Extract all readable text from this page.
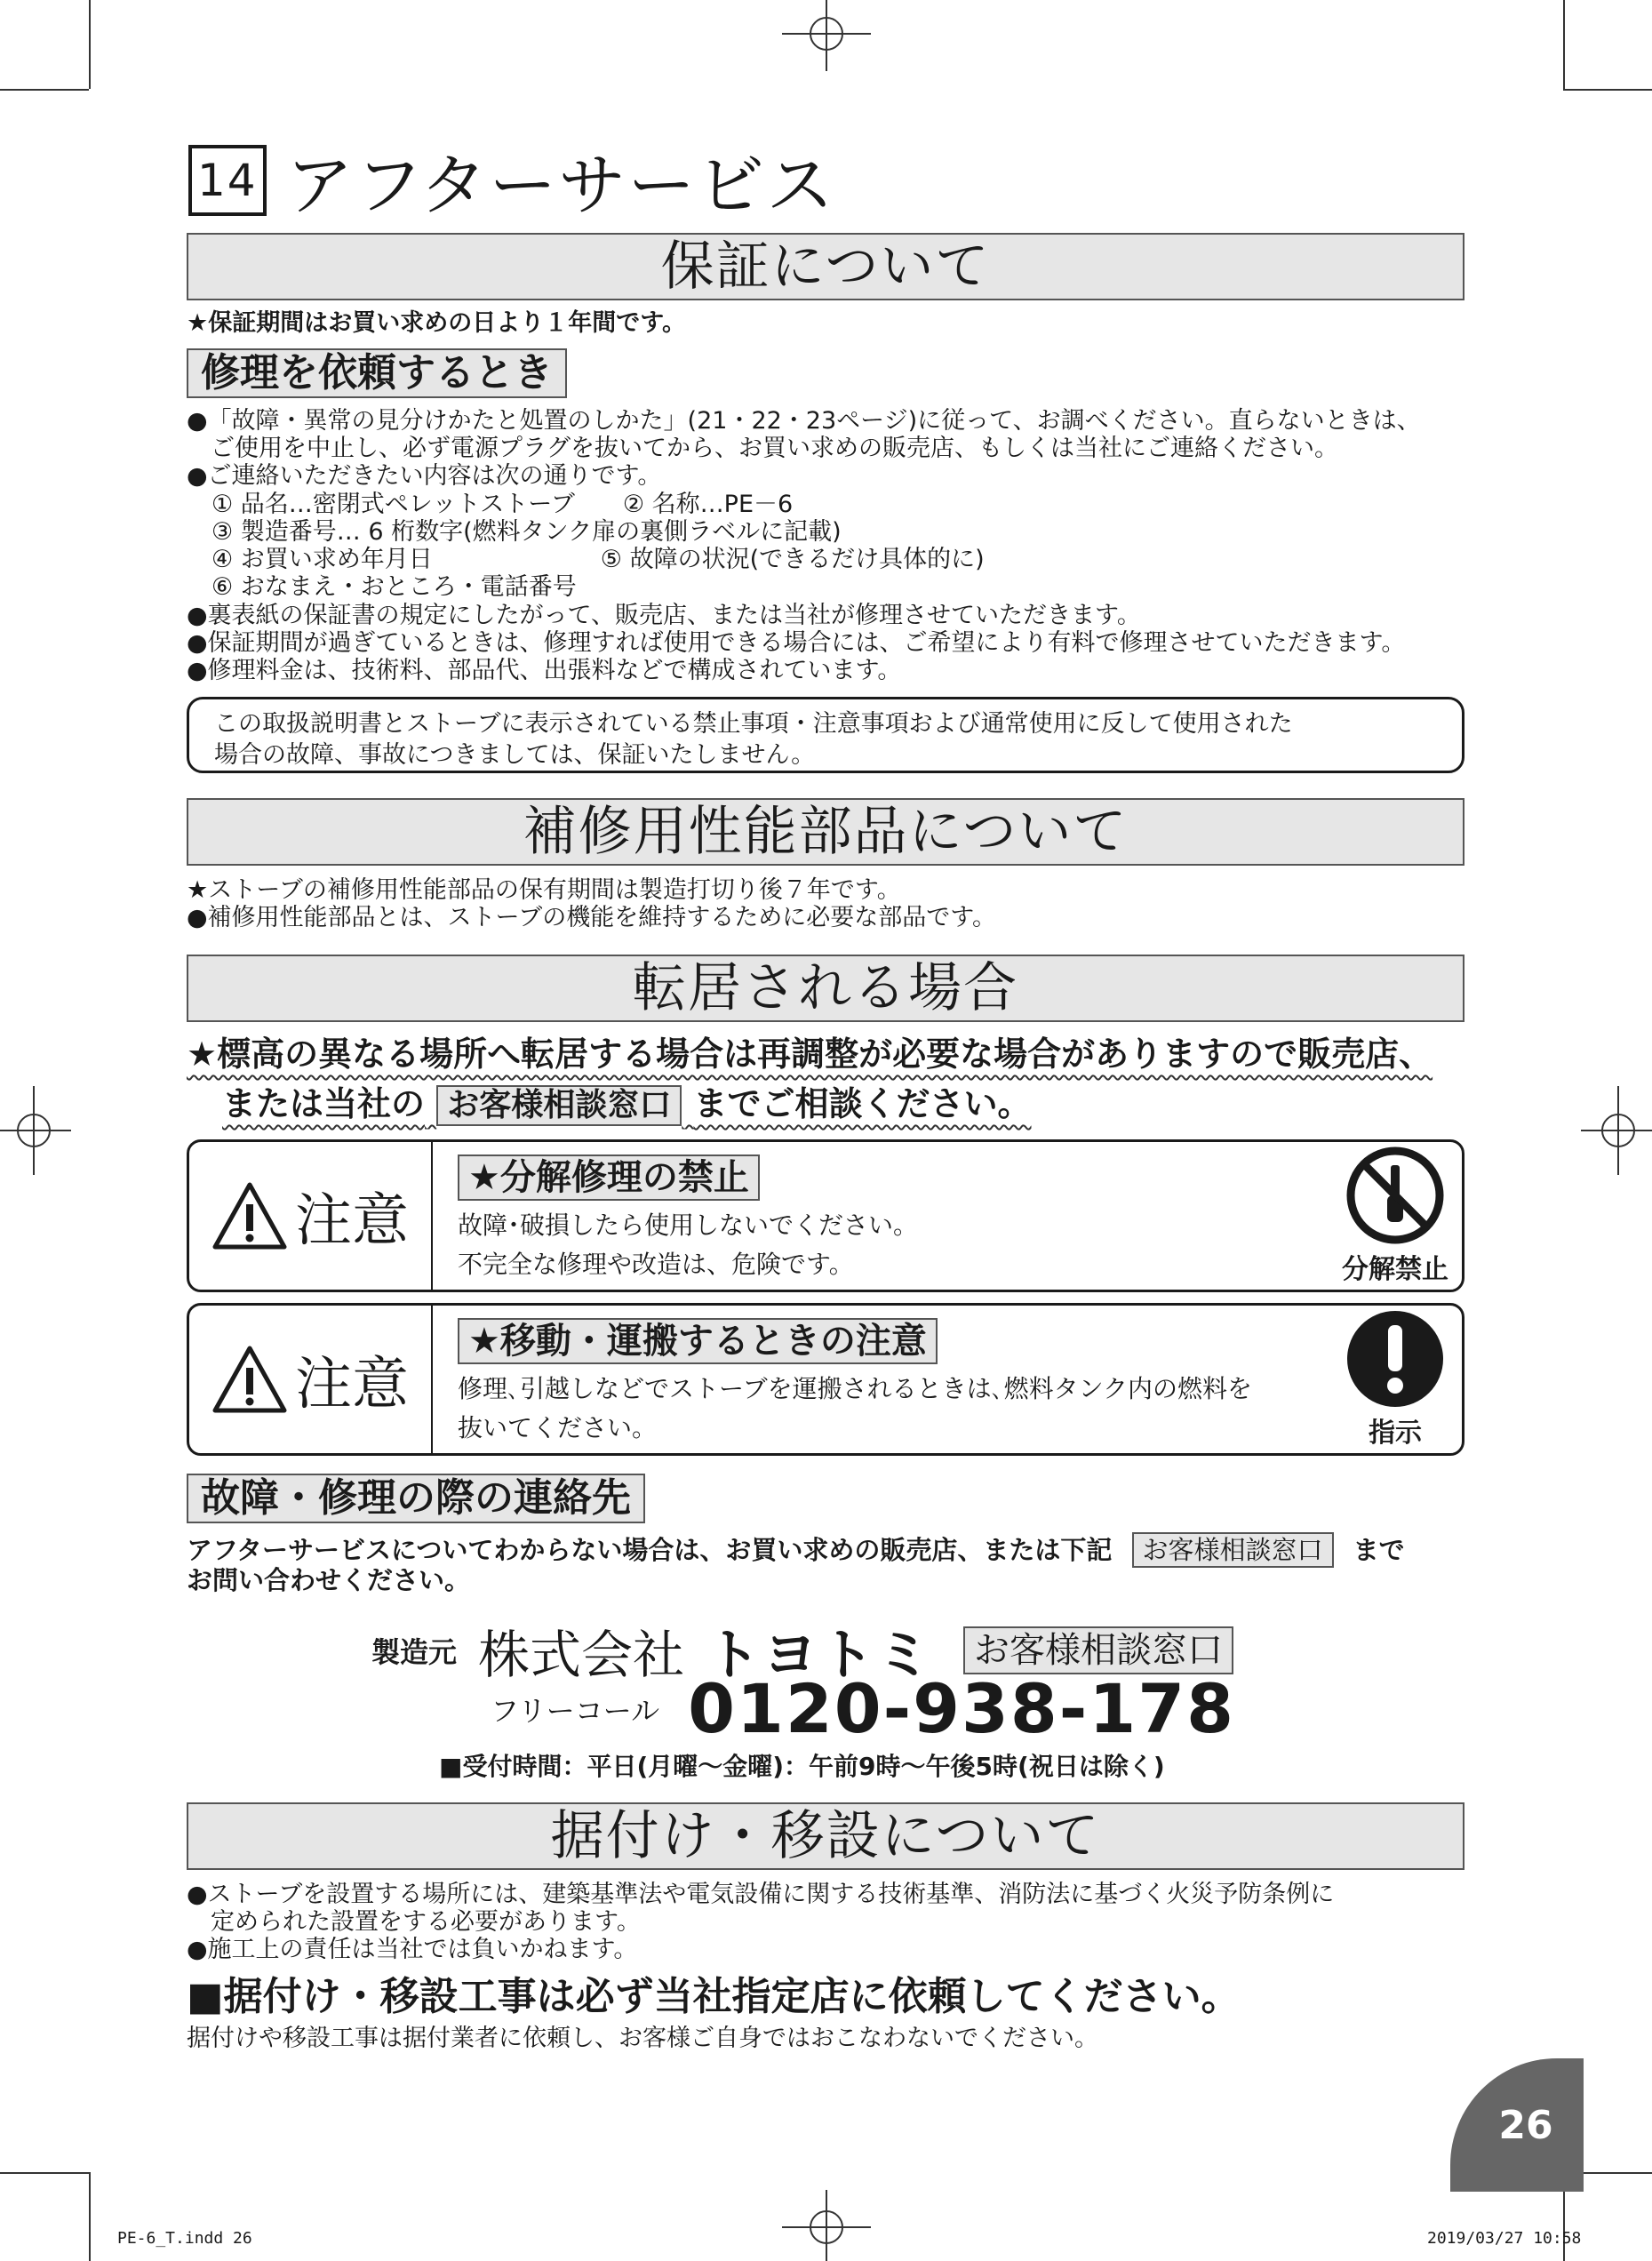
14 アフターサービス
保証について
★保証期間はお買い求めの日より１年間です。
修理を依頼するとき
●「故障・異常の見分けかたと処置のしかた」(21・22・23ページ)に従って、お調べください。直らないときは、
　ご使用を中止し、必ず電源プラグを抜いてから、お買い求めの販売店、もしくは当社にご連絡ください。
●ご連絡いただきたい内容は次の通りです。
① 品名…密閉式ペレットストーブ　　② 名称…PE－6
③ 製造番号… 6 桁数字(燃料タンク扉の裏側ラベルに記載)
④ お買い求め年月日　　　　　　　⑤ 故障の状況(できるだけ具体的に)
⑥ おなまえ・おところ・電話番号
●裏表紙の保証書の規定にしたがって、販売店、または当社が修理させていただきます。
●保証期間が過ぎているときは、修理すれば使用できる場合には、ご希望により有料で修理させていただきます。
●修理料金は、技術料、部品代、出張料などで構成されています。
この取扱説明書とストーブに表示されている禁止事項・注意事項および通常使用に反して使用された
場合の故障、事故につきましては、保証いたしません。
補修用性能部品について
★ストーブの補修用性能部品の保有期間は製造打切り後７年です。
●補修用性能部品とは、ストーブの機能を維持するために必要な部品です。
転居される場合
★標高の異なる場所へ転居する場合は再調整が必要な場合がありますので販売店、
または当社の お客様相談窓口 までご相談ください。
注意
★分解修理の禁止
故障･破損したら使用しないでください。
不完全な修理や改造は、危険です。	分解禁止
注意
★移動・運搬するときの注意
修理､引越しなどでストーブを運搬されるときは､燃料タンク内の燃料を
抜いてください。	指示
故障・修理の際の連絡先
アフターサービスについてわからない場合は、お買い求めの販売店、または下記 お客様相談窓口 まで
お問い合わせください。
製造元 株式会社 トヨトミ	お客様相談窓口
フリーコール 0120-938-178
■受付時間：平日(月曜～金曜)：午前9時～午後5時(祝日は除く)
据付け・移設について
●ストーブを設置する場所には、建築基準法や電気設備に関する技術基準、消防法に基づく火災予防条例に
　定められた設置をする必要があります。
●施工上の責任は当社では負いかねます。
■据付け・移設工事は必ず当社指定店に依頼してください。
据付けや移設工事は据付業者に依頼し、お客様ご自身ではおこなわないでください。
26
PE-6_T.indd 26	2019/03/27 10:58
